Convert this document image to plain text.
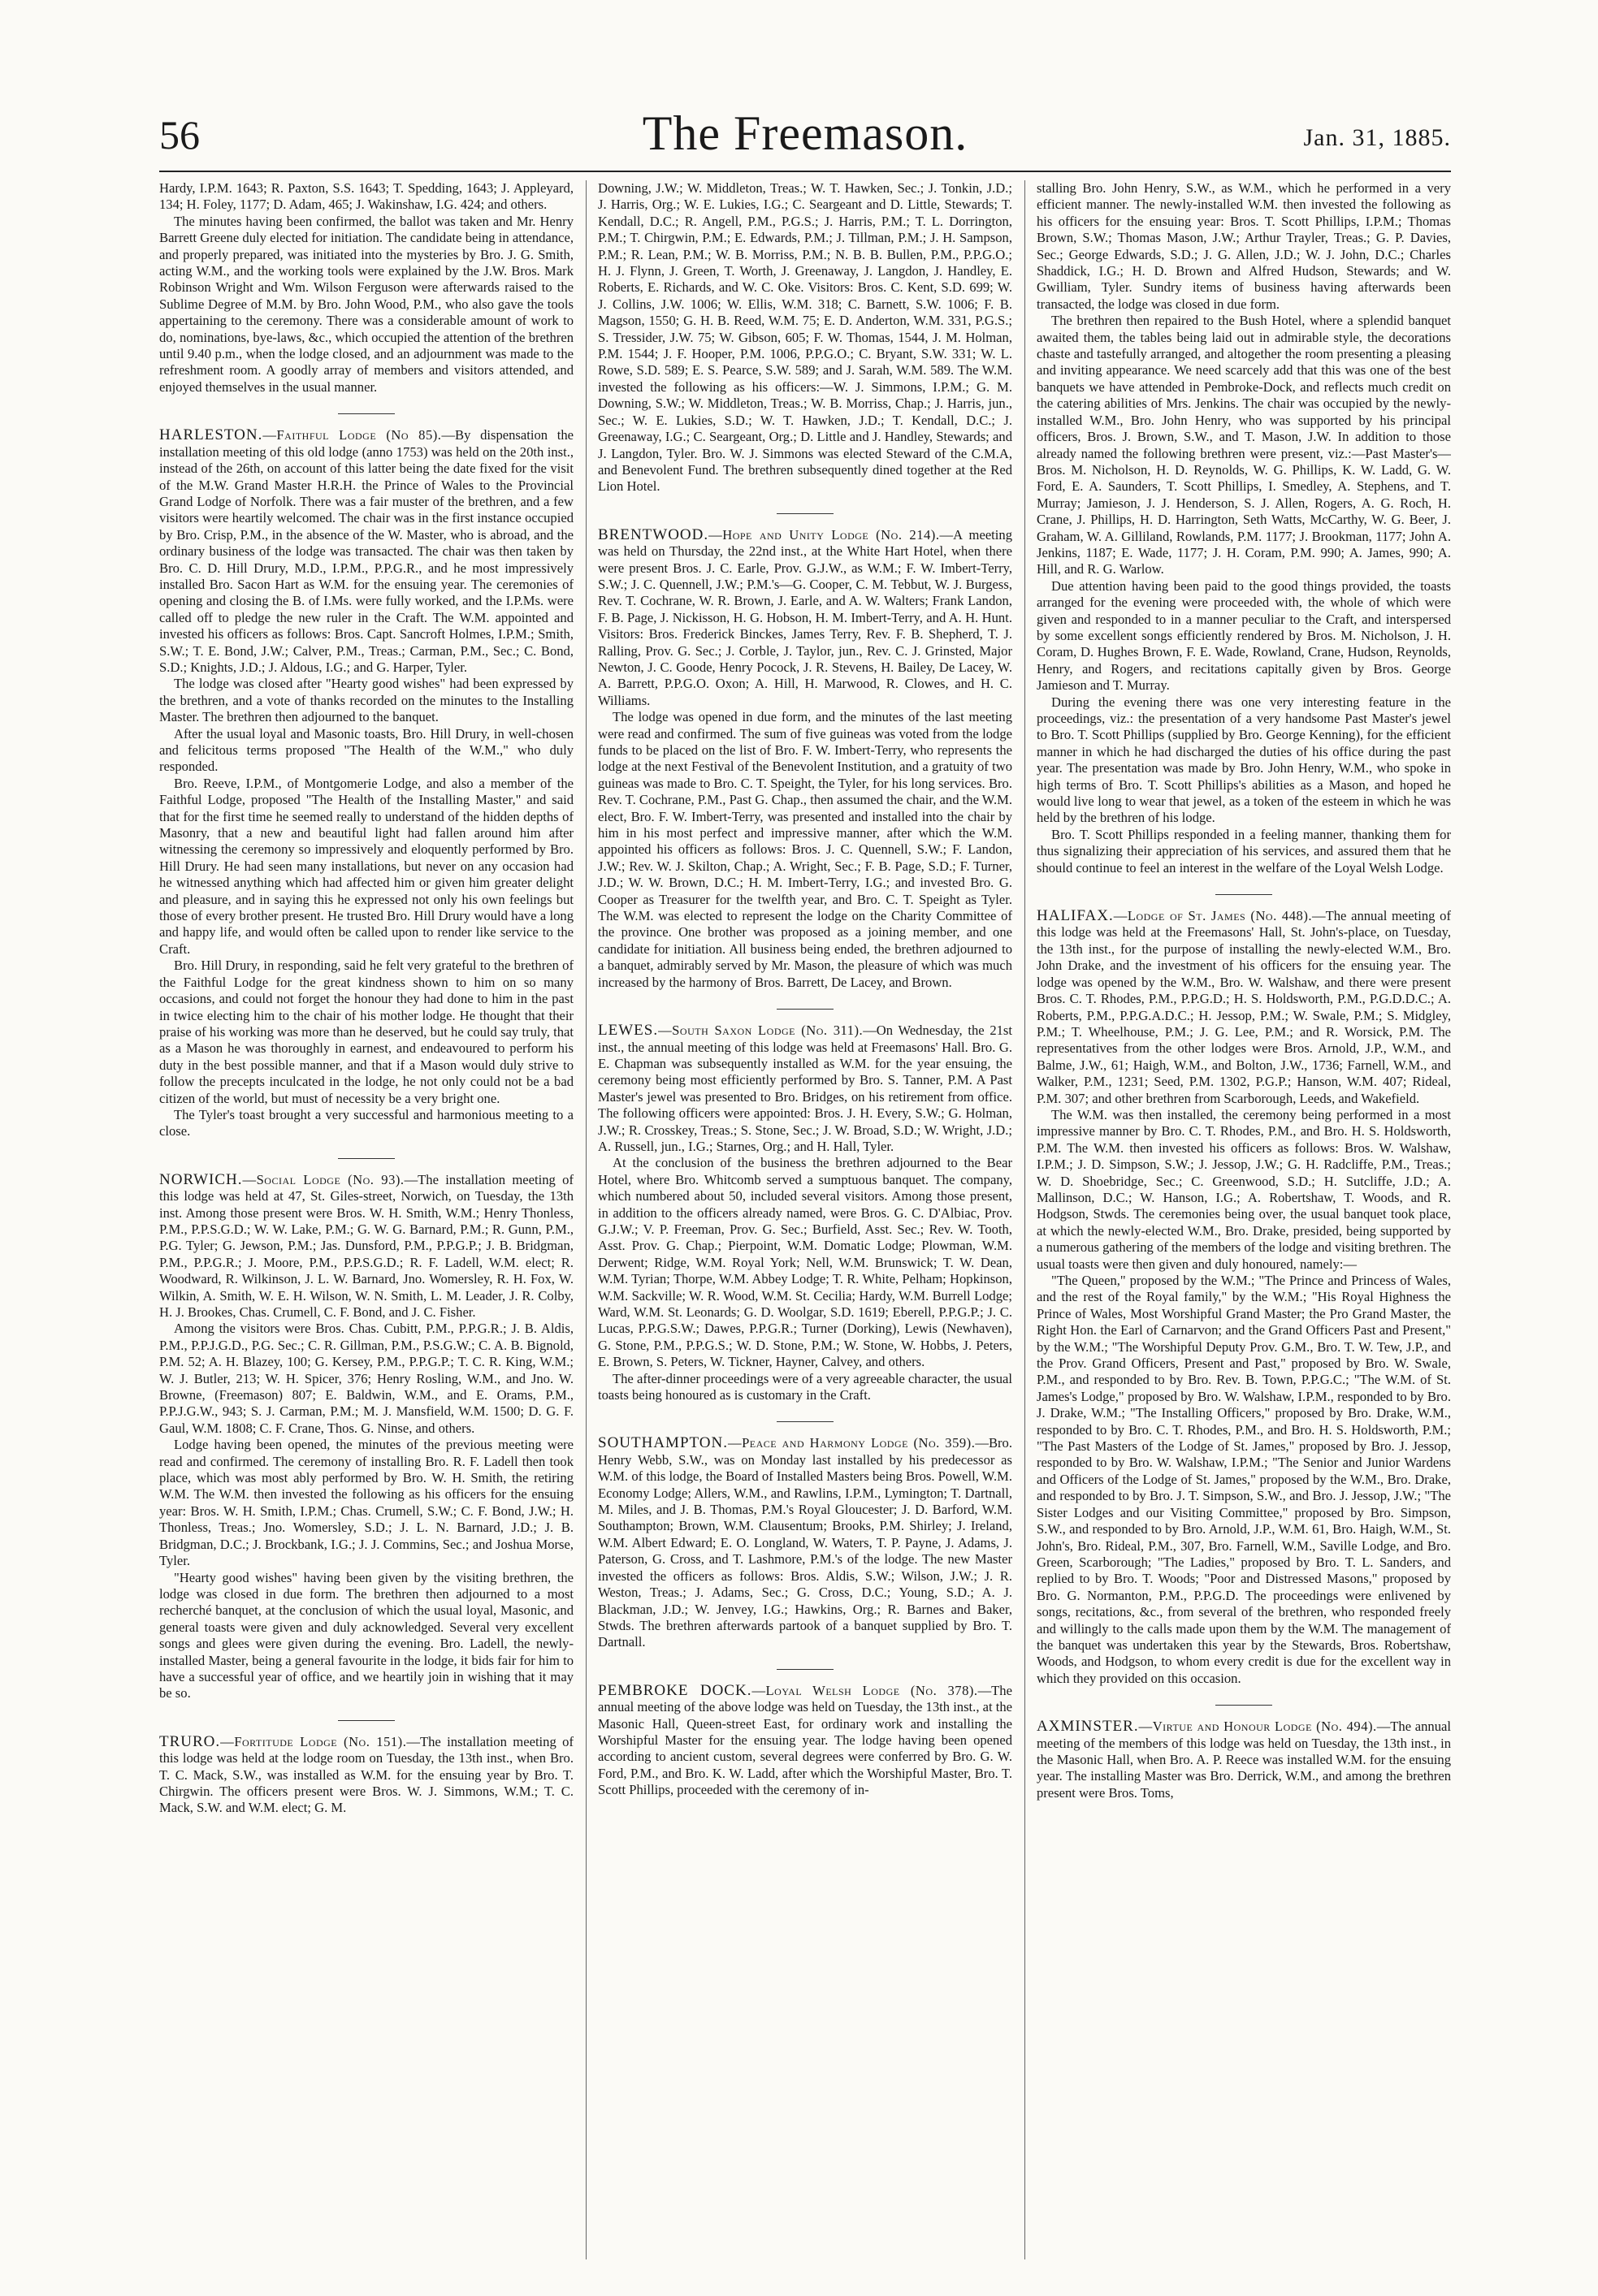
56	The Freemason.	Jan. 31, 1885.

Hardy, I.P.M. 1643; R. Paxton, S.S. 1643; T. Spedding, 1643; J. Appleyard, 134; H. Foley, 1177; D. Adam, 465; J. Wakinshaw, I.G. 424; and others.

The minutes having been confirmed, the ballot was taken and Mr. Henry Barrett Greene duly elected for initiation. The candidate being in attendance, and properly prepared, was initiated into the mysteries by Bro. J. G. Smith, acting W.M., and the working tools were explained by the J.W. Bros. Mark Robinson Wright and Wm. Wilson Ferguson were afterwards raised to the Sublime Degree of M.M. by Bro. John Wood, P.M., who also gave the tools appertaining to the ceremony. There was a considerable amount of work to do, nominations, bye-laws, &c., which occupied the attention of the brethren until 9.40 p.m., when the lodge closed, and an adjournment was made to the refreshment room. A goodly array of members and visitors attended, and enjoyed themselves in the usual manner.

HARLESTON.—Faithful Lodge (No 85).—By dispensation the installation meeting of this old lodge (anno 1753) was held on the 20th inst., instead of the 26th, on account of this latter being the date fixed for the visit of the M.W. Grand Master H.R.H. the Prince of Wales to the Provincial Grand Lodge of Norfolk. There was a fair muster of the brethren, and a few visitors were heartily welcomed. The chair was in the first instance occupied by Bro. Crisp, P.M., in the absence of the W. Master, who is abroad, and the ordinary business of the lodge was transacted. The chair was then taken by Bro. C. D. Hill Drury, M.D., I.P.M., P.P.G.R., and he most impressively installed Bro. Sacon Hart as W.M. for the ensuing year. The ceremonies of opening and closing the B. of I.Ms. were fully worked, and the I.P.Ms. were called off to pledge the new ruler in the Craft. The W.M. appointed and invested his officers as follows: Bros. Capt. Sancroft Holmes, I.P.M.; Smith, S.W.; T. E. Bond, J.W.; Calver, P.M., Treas.; Carman, P.M., Sec.; C. Bond, S.D.; Knights, J.D.; J. Aldous, I.G.; and G. Harper, Tyler.

The lodge was closed after "Hearty good wishes" had been expressed by the brethren, and a vote of thanks recorded on the minutes to the Installing Master. The brethren then adjourned to the banquet.

After the usual loyal and Masonic toasts, Bro. Hill Drury, in well-chosen and felicitous terms proposed "The Health of the W.M.," who duly responded.

Bro. Reeve, I.P.M., of Montgomerie Lodge, and also a member of the Faithful Lodge, proposed "The Health of the Installing Master," and said that for the first time he seemed really to understand of the hidden depths of Masonry, that a new and beautiful light had fallen around him after witnessing the ceremony so impressively and eloquently performed by Bro. Hill Drury. He had seen many installations, but never on any occasion had he witnessed anything which had affected him or given him greater delight and pleasure, and in saying this he expressed not only his own feelings but those of every brother present. He trusted Bro. Hill Drury would have a long and happy life, and would often be called upon to render like service to the Craft.

Bro. Hill Drury, in responding, said he felt very grateful to the brethren of the Faithful Lodge for the great kindness shown to him on so many occasions, and could not forget the honour they had done to him in the past in twice electing him to the chair of his mother lodge. He thought that their praise of his working was more than he deserved, but he could say truly, that as a Mason he was thoroughly in earnest, and endeavoured to perform his duty in the best possible manner, and that if a Mason would duly strive to follow the precepts inculcated in the lodge, he not only could not be a bad citizen of the world, but must of necessity be a very bright one.

The Tyler's toast brought a very successful and harmonious meeting to a close.

NORWICH.—Social Lodge (No. 93).—The installation meeting of this lodge was held at 47, St. Giles-street, Norwich, on Tuesday, the 13th inst. Among those present were Bros. W. H. Smith, W.M.; Henry Thonless, P.M., P.P.S.G.D.; W. W. Lake, P.M.; G. W. G. Barnard, P.M.; R. Gunn, P.M., P.G. Tyler; G. Jewson, P.M.; Jas. Dunsford, P.M., P.P.G.P.; J. B. Bridgman, P.M., P.P.G.R.; J. Moore, P.M., P.P.S.G.D.; R. F. Ladell, W.M. elect; R. Woodward, R. Wilkinson, J. L. W. Barnard, Jno. Womersley, R. H. Fox, W. Wilkin, A. Smith, W. E. H. Wilson, W. N. Smith, L. M. Leader, J. R. Colby, H. J. Brookes, Chas. Crumell, C. F. Bond, and J. C. Fisher.

Among the visitors were Bros. Chas. Cubitt, P.M., P.P.G.R.; J. B. Aldis, P.M., P.P.J.G.D., P.G. Sec.; C. R. Gillman, P.M., P.S.G.W.; C. A. B. Bignold, P.M. 52; A. H. Blazey, 100; G. Kersey, P.M., P.P.G.P.; T. C. R. King, W.M.; W. J. Butler, 213; W. H. Spicer, 376; Henry Rosling, W.M., and Jno. W. Browne, (Freemason) 807; E. Baldwin, W.M., and E. Orams, P.M., P.P.J.G.W., 943; S. J. Carman, P.M.; M. J. Mansfield, W.M. 1500; D. G. F. Gaul, W.M. 1808; C. F. Crane, Thos. G. Ninse, and others.

Lodge having been opened, the minutes of the previous meeting were read and confirmed. The ceremony of installing Bro. R. F. Ladell then took place, which was most ably performed by Bro. W. H. Smith, the retiring W.M. The W.M. then invested the following as his officers for the ensuing year: Bros. W. H. Smith, I.P.M.; Chas. Crumell, S.W.; C. F. Bond, J.W.; H. Thonless, Treas.; Jno. Womersley, S.D.; J. L. N. Barnard, J.D.; J. B. Bridgman, D.C.; J. Brockbank, I.G.; J. J. Commins, Sec.; and Joshua Morse, Tyler.

"Hearty good wishes" having been given by the visiting brethren, the lodge was closed in due form. The brethren then adjourned to a most recherché banquet, at the conclusion of which the usual loyal, Masonic, and general toasts were given and duly acknowledged. Several very excellent songs and glees were given during the evening. Bro. Ladell, the newly-installed Master, being a general favourite in the lodge, it bids fair for him to have a successful year of office, and we heartily join in wishing that it may be so.

TRURO.—Fortitude Lodge (No. 151).—The installation meeting of this lodge was held at the lodge room on Tuesday, the 13th inst., when Bro. T. C. Mack, S.W., was installed as W.M. for the ensuing year by Bro. T. Chirgwin. The officers present were Bros. W. J. Simmons, W.M.; T. C. Mack, S.W. and W.M. elect; G. M.

Downing, J.W.; W. Middleton, Treas.; W. T. Hawken, Sec.; J. Tonkin, J.D.; J. Harris, Org.; W. E. Lukies, I.G.; C. Seargeant and D. Little, Stewards; T. Kendall, D.C.; R. Angell, P.M., P.G.S.; J. Harris, P.M.; T. L. Dorrington, P.M.; T. Chirgwin, P.M.; E. Edwards, P.M.; J. Tillman, P.M.; J. H. Sampson, P.M.; R. Lean, P.M.; W. B. Morriss, P.M.; N. B. B. Bullen, P.M., P.P.G.O.; H. J. Flynn, J. Green, T. Worth, J. Greenaway, J. Langdon, J. Handley, E. Roberts, E. Richards, and W. C. Oke. Visitors: Bros. C. Kent, S.D. 699; W. J. Collins, J.W. 1006; W. Ellis, W.M. 318; C. Barnett, S.W. 1006; F. B. Magson, 1550; G. H. B. Reed, W.M. 75; E. D. Anderton, W.M. 331, P.G.S.; S. Tressider, J.W. 75; W. Gibson, 605; F. W. Thomas, 1544, J. M. Holman, P.M. 1544; J. F. Hooper, P.M. 1006, P.P.G.O.; C. Bryant, S.W. 331; W. L. Rowe, S.D. 589; E. S. Pearce, S.W. 589; and J. Sarah, W.M. 589. The W.M. invested the following as his officers:—W. J. Simmons, I.P.M.; G. M. Downing, S.W.; W. Middleton, Treas.; W. B. Morriss, Chap.; J. Harris, jun., Sec.; W. E. Lukies, S.D.; W. T. Hawken, J.D.; T. Kendall, D.C.; J. Greenaway, I.G.; C. Seargeant, Org.; D. Little and J. Handley, Stewards; and J. Langdon, Tyler. Bro. W. J. Simmons was elected Steward of the C.M.A, and Benevolent Fund. The brethren subsequently dined together at the Red Lion Hotel.

BRENTWOOD.—Hope and Unity Lodge (No. 214).—A meeting was held on Thursday, the 22nd inst., at the White Hart Hotel, when there were present Bros. J. C. Earle, Prov. G.J.W., as W.M.; F. W. Imbert-Terry, S.W.; J. C. Quennell, J.W.; P.M.'s—G. Cooper, C. M. Tebbut, W. J. Burgess, Rev. T. Cochrane, W. R. Brown, J. Earle, and A. W. Walters; Frank Landon, F. B. Page, J. Nickisson, H. G. Hobson, H. M. Imbert-Terry, and A. H. Hunt. Visitors: Bros. Frederick Binckes, James Terry, Rev. F. B. Shepherd, T. J. Ralling, Prov. G. Sec.; J. Corble, J. Taylor, jun., Rev. C. J. Grinsted, Major Newton, J. C. Goode, Henry Pocock, J. R. Stevens, H. Bailey, De Lacey, W. A. Barrett, P.P.G.O. Oxon; A. Hill, H. Marwood, R. Clowes, and H. C. Williams.

The lodge was opened in due form, and the minutes of the last meeting were read and confirmed. The sum of five guineas was voted from the lodge funds to be placed on the list of Bro. F. W. Imbert-Terry, who represents the lodge at the next Festival of the Benevolent Institution, and a gratuity of two guineas was made to Bro. C. T. Speight, the Tyler, for his long services. Bro. Rev. T. Cochrane, P.M., Past G. Chap., then assumed the chair, and the W.M. elect, Bro. F. W. Imbert-Terry, was presented and installed into the chair by him in his most perfect and impressive manner, after which the W.M. appointed his officers as follows: Bros. J. C. Quennell, S.W.; F. Landon, J.W.; Rev. W. J. Skilton, Chap.; A. Wright, Sec.; F. B. Page, S.D.; F. Turner, J.D.; W. W. Brown, D.C.; H. M. Imbert-Terry, I.G.; and invested Bro. G. Cooper as Treasurer for the twelfth year, and Bro. C. T. Speight as Tyler. The W.M. was elected to represent the lodge on the Charity Committee of the province. One brother was proposed as a joining member, and one candidate for initiation. All business being ended, the brethren adjourned to a banquet, admirably served by Mr. Mason, the pleasure of which was much increased by the harmony of Bros. Barrett, De Lacey, and Brown.

LEWES.—South Saxon Lodge (No. 311).—On Wednesday, the 21st inst., the annual meeting of this lodge was held at Freemasons' Hall. Bro. G. E. Chapman was subsequently installed as W.M. for the year ensuing, the ceremony being most efficiently performed by Bro. S. Tanner, P.M. A Past Master's jewel was presented to Bro. Bridges, on his retirement from office. The following officers were appointed: Bros. J. H. Every, S.W.; G. Holman, J.W.; R. Crosskey, Treas.; S. Stone, Sec.; J. W. Broad, S.D.; W. Wright, J.D.; A. Russell, jun., I.G.; Starnes, Org.; and H. Hall, Tyler.

At the conclusion of the business the brethren adjourned to the Bear Hotel, where Bro. Whitcomb served a sumptuous banquet. The company, which numbered about 50, included several visitors. Among those present, in addition to the officers already named, were Bros. G. C. D'Albiac, Prov. G.J.W.; V. P. Freeman, Prov. G. Sec.; Burfield, Asst. Sec.; Rev. W. Tooth, Asst. Prov. G. Chap.; Pierpoint, W.M. Domatic Lodge; Plowman, W.M. Derwent; Ridge, W.M. Royal York; Nell, W.M. Brunswick; T. W. Dean, W.M. Tyrian; Thorpe, W.M. Abbey Lodge; T. R. White, Pelham; Hopkinson, W.M. Sackville; W. R. Wood, W.M. St. Cecilia; Hardy, W.M. Burrell Lodge; Ward, W.M. St. Leonards; G. D. Woolgar, S.D. 1619; Eberell, P.P.G.P.; J. C. Lucas, P.P.G.S.W.; Dawes, P.P.G.R.; Turner (Dorking), Lewis (Newhaven), G. Stone, P.M., P.P.G.S.; W. D. Stone, P.M.; W. Stone, W. Hobbs, J. Peters, E. Brown, S. Peters, W. Tickner, Hayner, Calvey, and others.

The after-dinner proceedings were of a very agreeable character, the usual toasts being honoured as is customary in the Craft.

SOUTHAMPTON.—Peace and Harmony Lodge (No. 359).—Bro. Henry Webb, S.W., was on Monday last installed by his predecessor as W.M. of this lodge, the Board of Installed Masters being Bros. Powell, W.M. Economy Lodge; Allers, W.M., and Rawlins, I.P.M., Lymington; T. Dartnall, M. Miles, and J. B. Thomas, P.M.'s Royal Gloucester; J. D. Barford, W.M. Southampton; Brown, W.M. Clausentum; Brooks, P.M. Shirley; J. Ireland, W.M. Albert Edward; E. O. Longland, W. Waters, T. P. Payne, J. Adams, J. Paterson, G. Cross, and T. Lashmore, P.M.'s of the lodge. The new Master invested the officers as follows: Bros. Aldis, S.W.; Wilson, J.W.; J. R. Weston, Treas.; J. Adams, Sec.; G. Cross, D.C.; Young, S.D.; A. J. Blackman, J.D.; W. Jenvey, I.G.; Hawkins, Org.; R. Barnes and Baker, Stwds. The brethren afterwards partook of a banquet supplied by Bro. T. Dartnall.

PEMBROKE DOCK.—Loyal Welsh Lodge (No. 378).—The annual meeting of the above lodge was held on Tuesday, the 13th inst., at the Masonic Hall, Queen-street East, for ordinary work and installing the Worshipful Master for the ensuing year. The lodge having been opened according to ancient custom, several degrees were conferred by Bro. G. W. Ford, P.M., and Bro. K. W. Ladd, after which the Worshipful Master, Bro. T. Scott Phillips, proceeded with the ceremony of in-

stalling Bro. John Henry, S.W., as W.M., which he performed in a very efficient manner. The newly-installed W.M. then invested the following as his officers for the ensuing year: Bros. T. Scott Phillips, I.P.M.; Thomas Brown, S.W.; Thomas Mason, J.W.; Arthur Trayler, Treas.; G. P. Davies, Sec.; George Edwards, S.D.; J. G. Allen, J.D.; W. J. John, D.C.; Charles Shaddick, I.G.; H. D. Brown and Alfred Hudson, Stewards; and W. Gwilliam, Tyler. Sundry items of business having afterwards been transacted, the lodge was closed in due form.

The brethren then repaired to the Bush Hotel, where a splendid banquet awaited them, the tables being laid out in admirable style, the decorations chaste and tastefully arranged, and altogether the room presenting a pleasing and inviting appearance. We need scarcely add that this was one of the best banquets we have attended in Pembroke-Dock, and reflects much credit on the catering abilities of Mrs. Jenkins. The chair was occupied by the newly-installed W.M., Bro. John Henry, who was supported by his principal officers, Bros. J. Brown, S.W., and T. Mason, J.W. In addition to those already named the following brethren were present, viz.:—Past Master's—Bros. M. Nicholson, H. D. Reynolds, W. G. Phillips, K. W. Ladd, G. W. Ford, E. A. Saunders, T. Scott Phillips, I. Smedley, A. Stephens, and T. Murray; Jamieson, J. J. Henderson, S. J. Allen, Rogers, A. G. Roch, H. Crane, J. Phillips, H. D. Harrington, Seth Watts, McCarthy, W. G. Beer, J. Graham, W. A. Gilliland, Rowlands, P.M. 1177; J. Brookman, 1177; John A. Jenkins, 1187; E. Wade, 1177; J. H. Coram, P.M. 990; A. James, 990; A. Hill, and R. G. Warlow.

Due attention having been paid to the good things provided, the toasts arranged for the evening were proceeded with, the whole of which were given and responded to in a manner peculiar to the Craft, and interspersed by some excellent songs efficiently rendered by Bros. M. Nicholson, J. H. Coram, D. Hughes Brown, F. E. Wade, Rowland, Crane, Hudson, Reynolds, Henry, and Rogers, and recitations capitally given by Bros. George Jamieson and T. Murray.

During the evening there was one very interesting feature in the proceedings, viz.: the presentation of a very handsome Past Master's jewel to Bro. T. Scott Phillips (supplied by Bro. George Kenning), for the efficient manner in which he had discharged the duties of his office during the past year. The presentation was made by Bro. John Henry, W.M., who spoke in high terms of Bro. T. Scott Phillips's abilities as a Mason, and hoped he would live long to wear that jewel, as a token of the esteem in which he was held by the brethren of his lodge.

Bro. T. Scott Phillips responded in a feeling manner, thanking them for thus signalizing their appreciation of his services, and assured them that he should continue to feel an interest in the welfare of the Loyal Welsh Lodge.

HALIFAX.—Lodge of St. James (No. 448).—The annual meeting of this lodge was held at the Freemasons' Hall, St. John's-place, on Tuesday, the 13th inst., for the purpose of installing the newly-elected W.M., Bro. John Drake, and the investment of his officers for the ensuing year. The lodge was opened by the W.M., Bro. W. Walshaw, and there were present Bros. C. T. Rhodes, P.M., P.P.G.D.; H. S. Holdsworth, P.M., P.G.D.D.C.; A. Roberts, P.M., P.P.G.A.D.C.; H. Jessop, P.M.; W. Swale, P.M.; S. Midgley, P.M.; T. Wheelhouse, P.M.; J. G. Lee, P.M.; and R. Worsick, P.M. The representatives from the other lodges were Bros. Arnold, J.P., W.M., and Balme, J.W., 61; Haigh, W.M., and Bolton, J.W., 1736; Farnell, W.M., and Walker, P.M., 1231; Seed, P.M. 1302, P.G.P.; Hanson, W.M. 407; Rideal, P.M. 307; and other brethren from Scarborough, Leeds, and Wakefield.

The W.M. was then installed, the ceremony being performed in a most impressive manner by Bro. C. T. Rhodes, P.M., and Bro. H. S. Holdsworth, P.M. The W.M. then invested his officers as follows: Bros. W. Walshaw, I.P.M.; J. D. Simpson, S.W.; J. Jessop, J.W.; G. H. Radcliffe, P.M., Treas.; W. D. Shoebridge, Sec.; C. Greenwood, S.D.; H. Sutcliffe, J.D.; A. Mallinson, D.C.; W. Hanson, I.G.; A. Robertshaw, T. Woods, and R. Hodgson, Stwds. The ceremonies being over, the usual banquet took place, at which the newly-elected W.M., Bro. Drake, presided, being supported by a numerous gathering of the members of the lodge and visiting brethren. The usual toasts were then given and duly honoured, namely:—

"The Queen," proposed by the W.M.; "The Prince and Princess of Wales, and the rest of the Royal family," by the W.M.; "His Royal Highness the Prince of Wales, Most Worshipful Grand Master; the Pro Grand Master, the Right Hon. the Earl of Carnarvon; and the Grand Officers Past and Present," by the W.M.; "The Worshipful Deputy Prov. G.M., Bro. T. W. Tew, J.P., and the Prov. Grand Officers, Present and Past," proposed by Bro. W. Swale, P.M., and responded to by Bro. Rev. B. Town, P.P.G.C.; "The W.M. of St. James's Lodge," proposed by Bro. W. Walshaw, I.P.M., responded to by Bro. J. Drake, W.M.; "The Installing Officers," proposed by Bro. Drake, W.M., responded to by Bro. C. T. Rhodes, P.M., and Bro. H. S. Holdsworth, P.M.; "The Past Masters of the Lodge of St. James," proposed by Bro. J. Jessop, responded to by Bro. W. Walshaw, I.P.M.; "The Senior and Junior Wardens and Officers of the Lodge of St. James," proposed by the W.M., Bro. Drake, and responded to by Bro. J. T. Simpson, S.W., and Bro. J. Jessop, J.W.; "The Sister Lodges and our Visiting Committee," proposed by Bro. Simpson, S.W., and responded to by Bro. Arnold, J.P., W.M. 61, Bro. Haigh, W.M., St. John's, Bro. Rideal, P.M., 307, Bro. Farnell, W.M., Saville Lodge, and Bro. Green, Scarborough; "The Ladies," proposed by Bro. T. L. Sanders, and replied to by Bro. T. Woods; "Poor and Distressed Masons," proposed by Bro. G. Normanton, P.M., P.P.G.D. The proceedings were enlivened by songs, recitations, &c., from several of the brethren, who responded freely and willingly to the calls made upon them by the W.M. The management of the banquet was undertaken this year by the Stewards, Bros. Robertshaw, Woods, and Hodgson, to whom every credit is due for the excellent way in which they provided on this occasion.

AXMINSTER.—Virtue and Honour Lodge (No. 494).—The annual meeting of the members of this lodge was held on Tuesday, the 13th inst., in the Masonic Hall, when Bro. A. P. Reece was installed W.M. for the ensuing year. The installing Master was Bro. Derrick, W.M., and among the brethren present were Bros. Toms,
